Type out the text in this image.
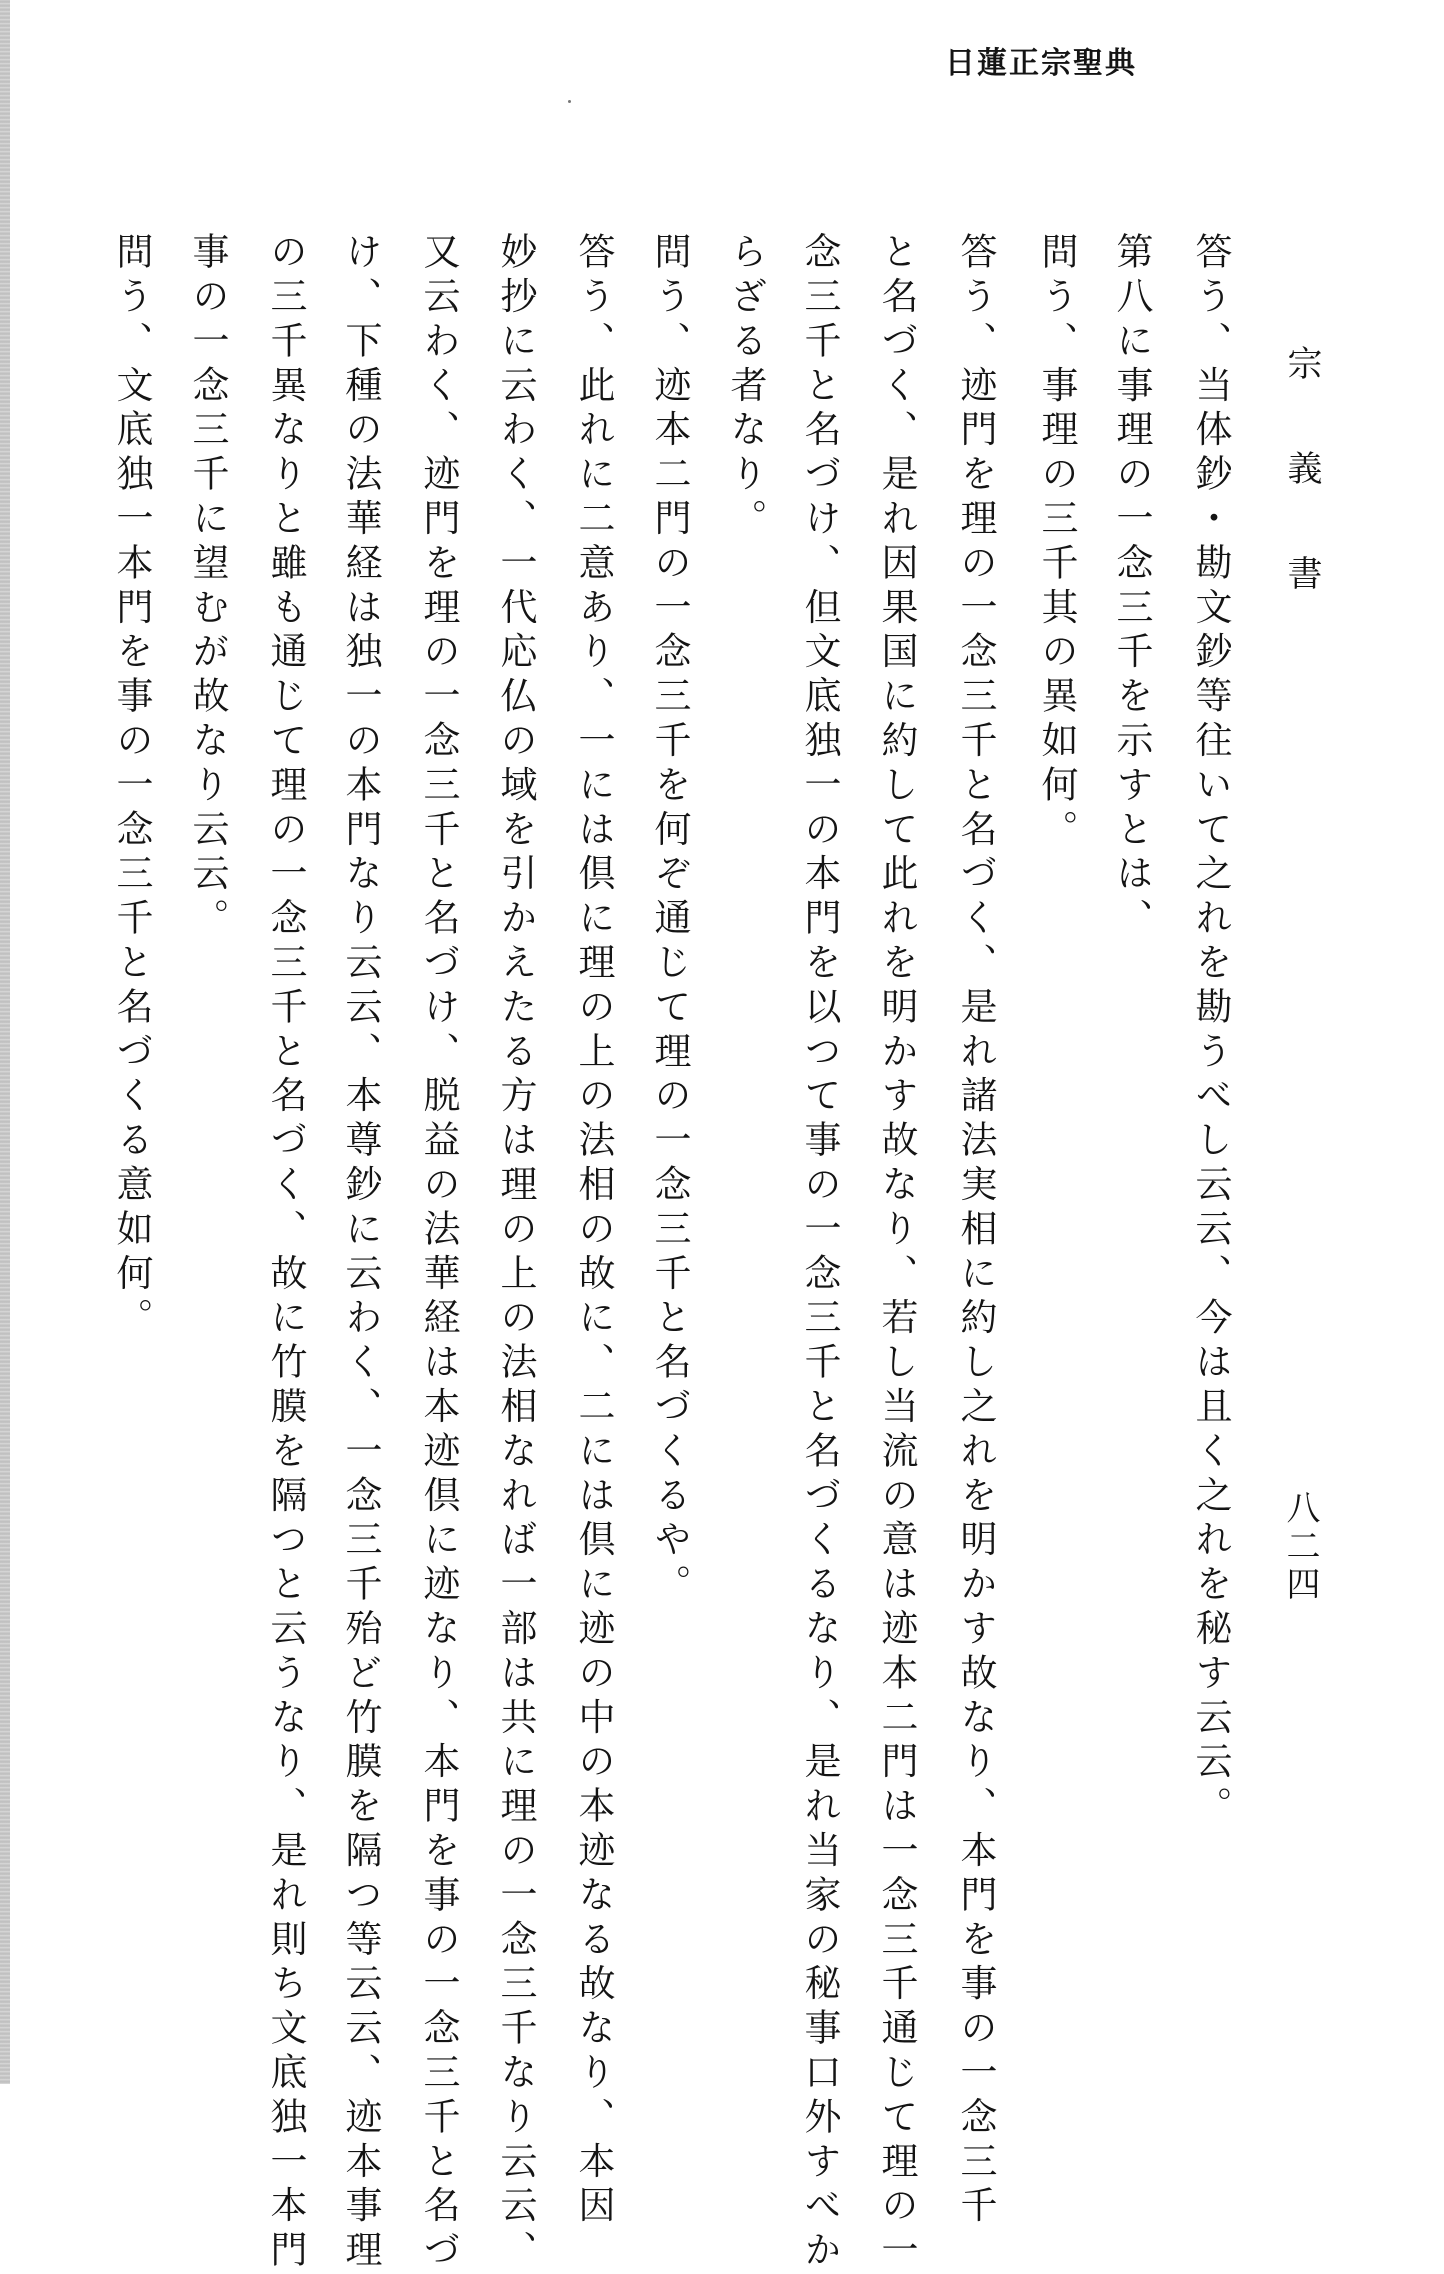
日蓮正宗聖典
宗義書
八二四
答う、当体鈔・勘文鈔等往いて之れを勘うべし云云、今は且く之れを秘す云云。
第八に事理の一念三千を示すとは、
問う、事理の三千其の異如何。
答う、迹門を理の一念三千と名づく、是れ諸法実相に約し之れを明かす故なり、本門を事の一念三千
と名づく、是れ因果国に約して此れを明かす故なり、若し当流の意は迹本二門は一念三千通じて理の一
念三千と名づけ、但文底独一の本門を以つて事の一念三千と名づくるなり、是れ当家の秘事口外すべか
らざる者なり。
問う、迹本二門の一念三千を何ぞ通じて理の一念三千と名づくるや。
答う、此れに二意あり、一には倶に理の上の法相の故に、二には倶に迹の中の本迹なる故なり、本因
妙抄に云わく、一代応仏の域を引かえたる方は理の上の法相なれば一部は共に理の一念三千なり云云、
又云わく、迹門を理の一念三千と名づけ、脱益の法華経は本迹倶に迹なり、本門を事の一念三千と名づ
け、下種の法華経は独一の本門なり云云、本尊鈔に云わく、一念三千殆ど竹膜を隔つ等云云、迹本事理
の三千異なりと雖も通じて理の一念三千と名づく、故に竹膜を隔つと云うなり、是れ則ち文底独一本門
事の一念三千に望むが故なり云云。
問う、文底独一本門を事の一念三千と名づくる意如何。
